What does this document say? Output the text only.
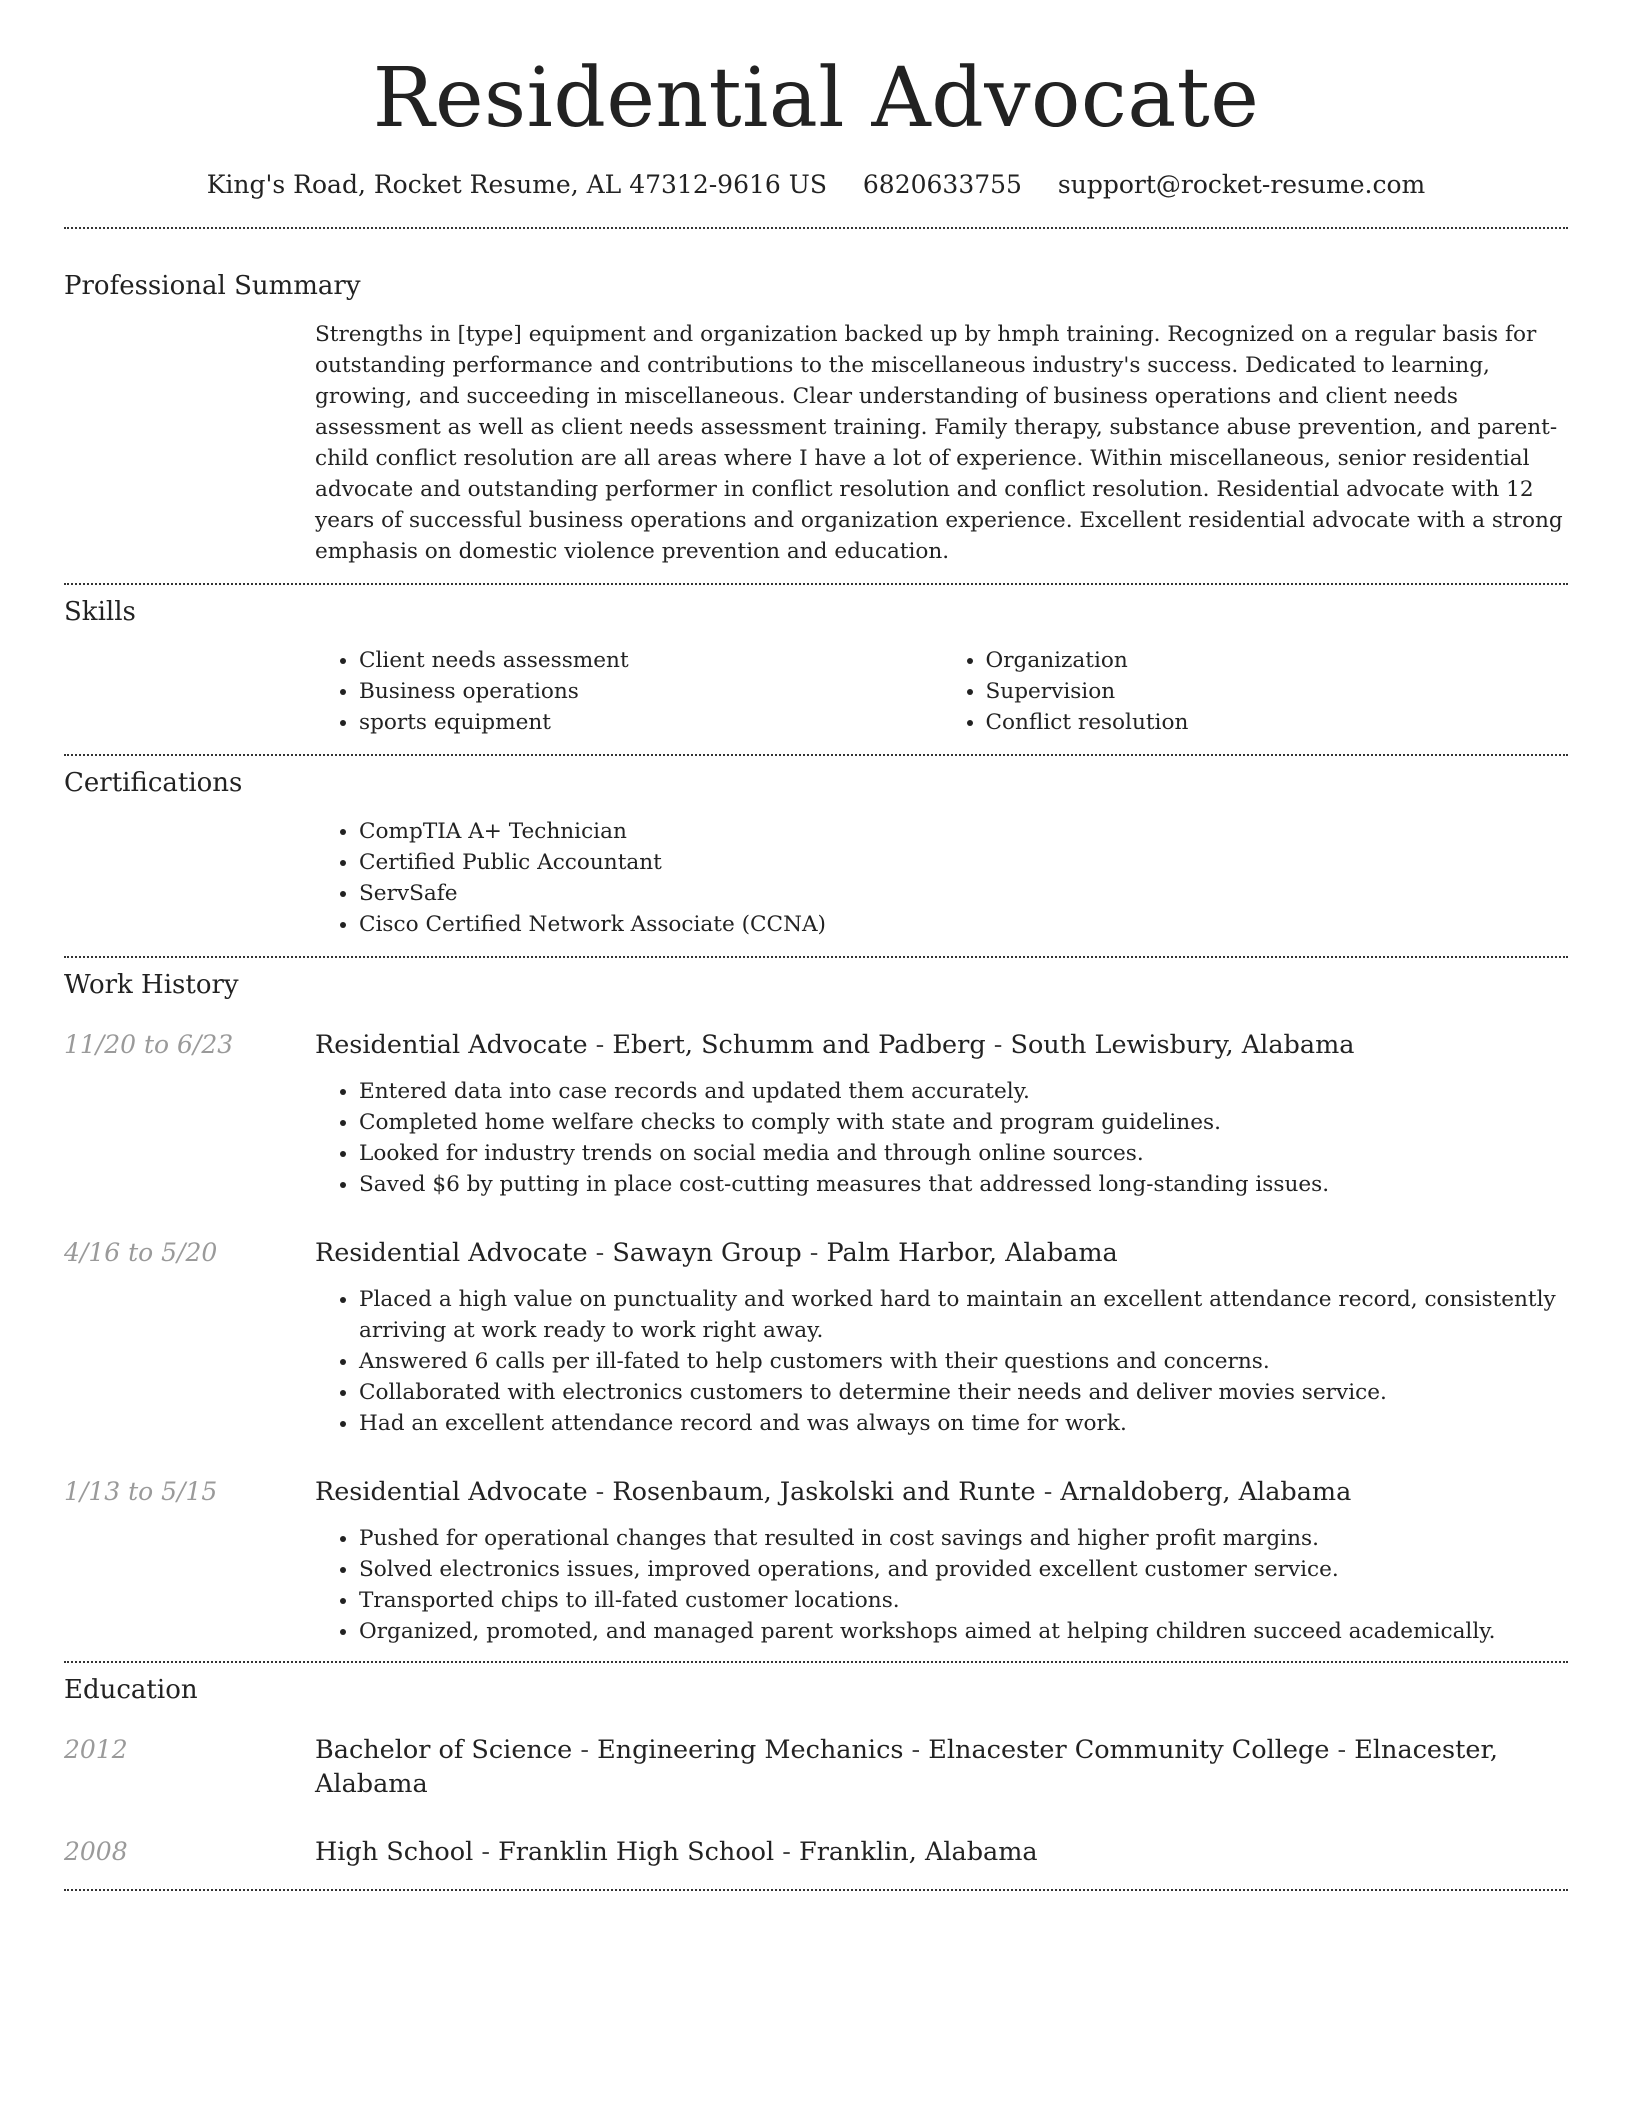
Residential Advocate
King's Road, Rocket Resume, AL 47312-9616 US 6820633755 support@rocket-resume.com
Professional Summary

Strengths in [type] equipment and organization backed up by hmph training. Recognized on a regular basis for outstanding performance and contributions to the miscellaneous industry's success. Dedicated to learning, growing, and succeeding in miscellaneous. Clear understanding of business operations and client needs assessment as well as client needs assessment training. Family therapy, substance abuse prevention, and parent-child conflict resolution are all areas where I have a lot of experience. Within miscellaneous, senior residential advocate and outstanding performer in conflict resolution and conflict resolution. Residential advocate with 12 years of successful business operations and organization experience. Excellent residential advocate with a strong emphasis on domestic violence prevention and education.

Skills
• Client needs assessment
• Business operations
• sports equipment
• Organization
• Supervision
• Conflict resolution
Certifications
• CompTIA A+ Technician
• Certified Public Accountant
• ServSafe
• Cisco Certified Network Associate (CCNA)
Work History
11/20 to 6/23	Residential Advocate - Ebert, Schumm and Padberg - South Lewisbury, Alabama
• Entered data into case records and updated them accurately.
• Completed home welfare checks to comply with state and program guidelines.
• Looked for industry trends on social media and through online sources.
• Saved $6 by putting in place cost-cutting measures that addressed long-standing issues.
4/16 to 5/20	Residential Advocate - Sawayn Group - Palm Harbor, Alabama
• Placed a high value on punctuality and worked hard to maintain an excellent attendance record, consistently arriving at work ready to work right away.
• Answered 6 calls per ill-fated to help customers with their questions and concerns.
• Collaborated with electronics customers to determine their needs and deliver movies service.
• Had an excellent attendance record and was always on time for work.
1/13 to 5/15	Residential Advocate - Rosenbaum, Jaskolski and Runte - Arnaldoberg, Alabama
• Pushed for operational changes that resulted in cost savings and higher profit margins.
• Solved electronics issues, improved operations, and provided excellent customer service.
• Transported chips to ill-fated customer locations.
• Organized, promoted, and managed parent workshops aimed at helping children succeed academically.
Education
2012	Bachelor of Science - Engineering Mechanics - Elnacester Community College - Elnacester, Alabama
2008	High School - Franklin High School - Franklin, Alabama
